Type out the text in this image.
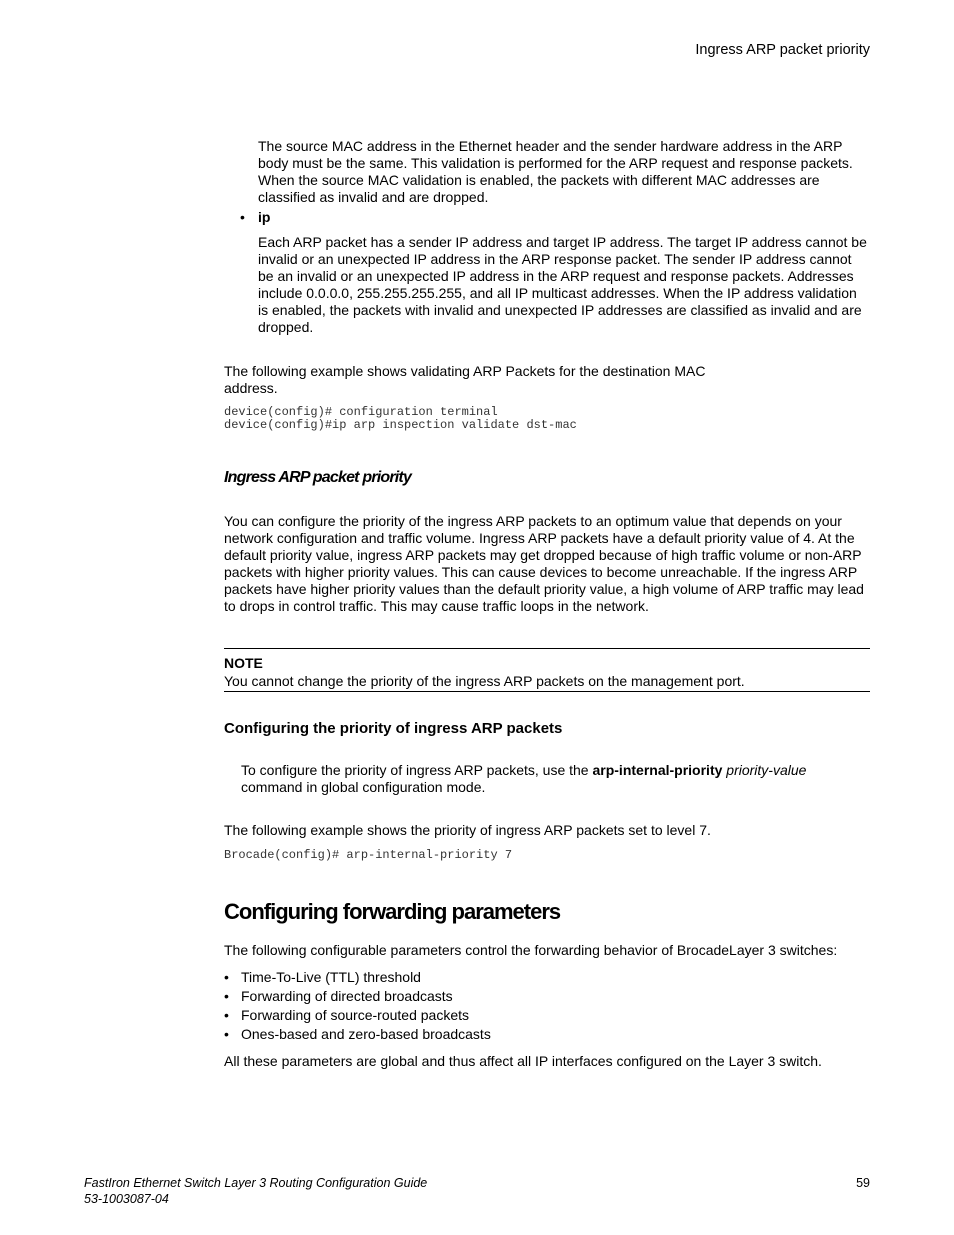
Ingress ARP packet priority
The source MAC address in the Ethernet header and the sender hardware address in the ARP body must be the same. This validation is performed for the ARP request and response packets. When the source MAC validation is enabled, the packets with different MAC addresses are classified as invalid and are dropped.
• ip
Each ARP packet has a sender IP address and target IP address. The target IP address cannot be invalid or an unexpected IP address in the ARP response packet. The sender IP address cannot be an invalid or an unexpected IP address in the ARP request and response packets. Addresses include 0.0.0.0, 255.255.255.255, and all IP multicast addresses. When the IP address validation is enabled, the packets with invalid and unexpected IP addresses are classified as invalid and are dropped.
The following example shows validating ARP Packets for the destination MAC address.
device(config)# configuration terminal
device(config)#ip arp inspection validate dst-mac
Ingress ARP packet priority
You can configure the priority of the ingress ARP packets to an optimum value that depends on your network configuration and traffic volume. Ingress ARP packets have a default priority value of 4. At the default priority value, ingress ARP packets may get dropped because of high traffic volume or non-ARP packets with higher priority values. This can cause devices to become unreachable. If the ingress ARP packets have higher priority values than the default priority value, a high volume of ARP traffic may lead to drops in control traffic. This may cause traffic loops in the network.
NOTE
You cannot change the priority of the ingress ARP packets on the management port.
Configuring the priority of ingress ARP packets
To configure the priority of ingress ARP packets, use the arp-internal-priority priority-value
command in global configuration mode.
The following example shows the priority of ingress ARP packets set to level 7.
Brocade(config)# arp-internal-priority 7
Configuring forwarding parameters
The following configurable parameters control the forwarding behavior of BrocadeLayer 3 switches:
• Time-To-Live (TTL) threshold
• Forwarding of directed broadcasts
• Forwarding of source-routed packets
• Ones-based and zero-based broadcasts
All these parameters are global and thus affect all IP interfaces configured on the Layer 3 switch.
FastIron Ethernet Switch Layer 3 Routing Configuration Guide
53-1003087-04
59
